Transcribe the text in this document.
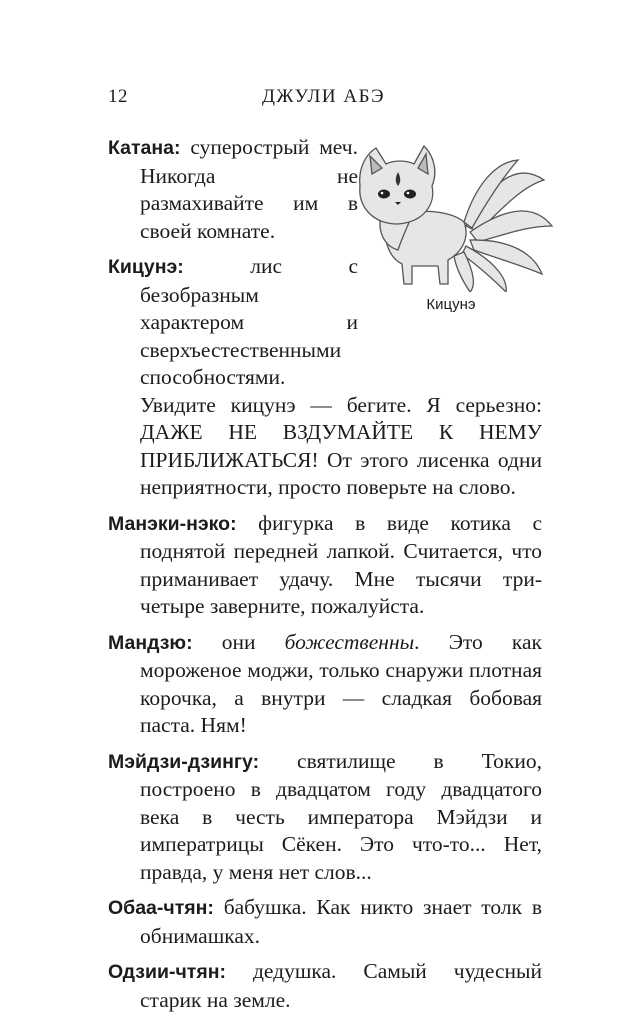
12	ДЖУЛИ АБЭ
Кицунэ

Катана: суперострый меч. Никогда не размахивайте им в своей комнате.

Кицунэ: лис с безобразным характером и сверхъестественными способностями.
Увидите кицунэ — бегите. Я серьезно: ДАЖЕ НЕ ВЗДУМАЙТЕ К НЕМУ ПРИБЛИЖАТЬСЯ! От этого лисенка одни неприятности, просто поверьте на слово.

Манэки-нэко: фигурка в виде котика с поднятой передней лапкой. Считается, что приманивает удачу. Мне тысячи три-четыре заверните, пожалуйста.

Мандзю: они божественны. Это как мороженое моджи, только снаружи плотная корочка, а внутри — сладкая бобовая паста. Ням!

Мэйдзи-дзингу: святилище в Токио, построено в двадцатом году двадцатого века в честь императора Мэйдзи и императрицы Сёкен. Это что-то... Нет, правда, у меня нет слов...

Обаа-чтян: бабушка. Как никто знает толк в обнимашках.

Одзии-чтян: дедушка. Самый чудесный старик на земле.
